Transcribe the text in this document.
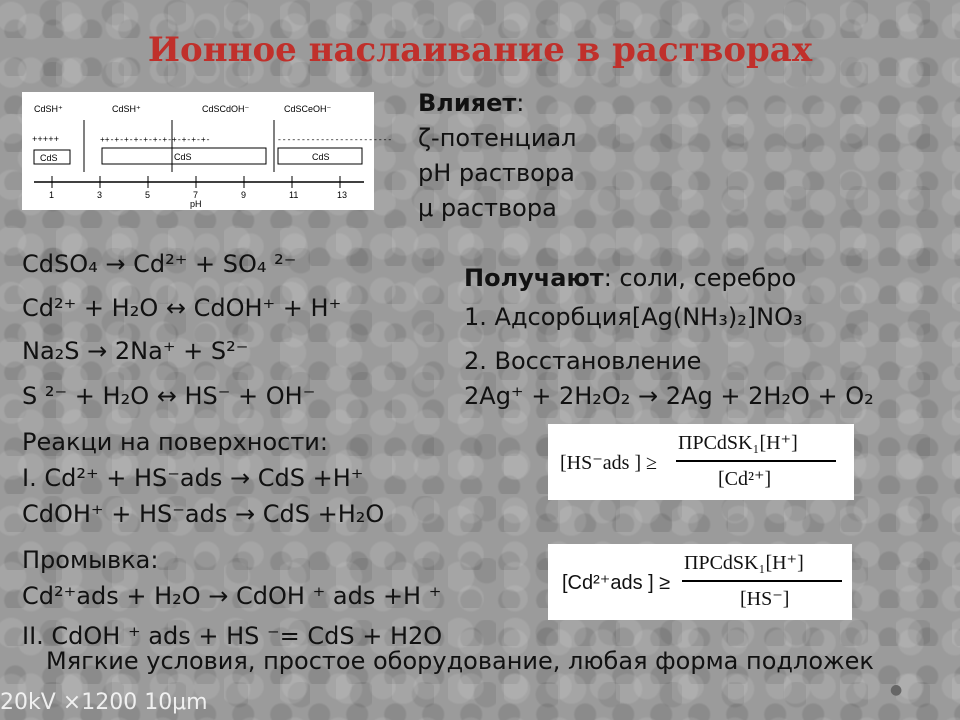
Ионное наслаивание в растворах
CdSH⁺	CdSH⁺	CdSCdOH⁻	CdSCeOH⁻
+++++	++-+-+-+-+-+-+-+-+-+-+-	------------------------
CdS	CdS	CdS
1	3	5	7	9	11	13
pH
Влияет:
ζ-потенциал
pH раствора
μ раствора
CdSO₄ → Cd²⁺ + SO₄ ²⁻
Cd²⁺ + H₂O ↔ CdOH⁺ + H⁺
Na₂S → 2Na⁺ + S²⁻
S ²⁻ + H₂O ↔ HS⁻ + OH⁻
Реакци на поверхности:
I. Cd²⁺ + HS⁻ads → CdS +H⁺
CdOH⁺ + HS⁻ads → CdS +H₂O
Промывка:
Cd²⁺ads + H₂O → CdOH ⁺ ads +H ⁺
II. CdOH ⁺ ads + HS ⁻= CdS + H2O
Получают: соли, серебро
1. Адсорбция[Ag(NH₃)₂]NO₃
2. Восстановление
2Ag⁺ + 2H₂O₂ → 2Ag + 2H₂O + O₂
[HS⁻ads ] ≥
ПРCdSK₁[H⁺]
[Cd²⁺]
[Cd²⁺ads ] ≥
ПРCdSK₁[H⁺]
[HS⁻]
Мягкие условия, простое оборудование, любая форма подложек
20kV ×1200 10μm	●
